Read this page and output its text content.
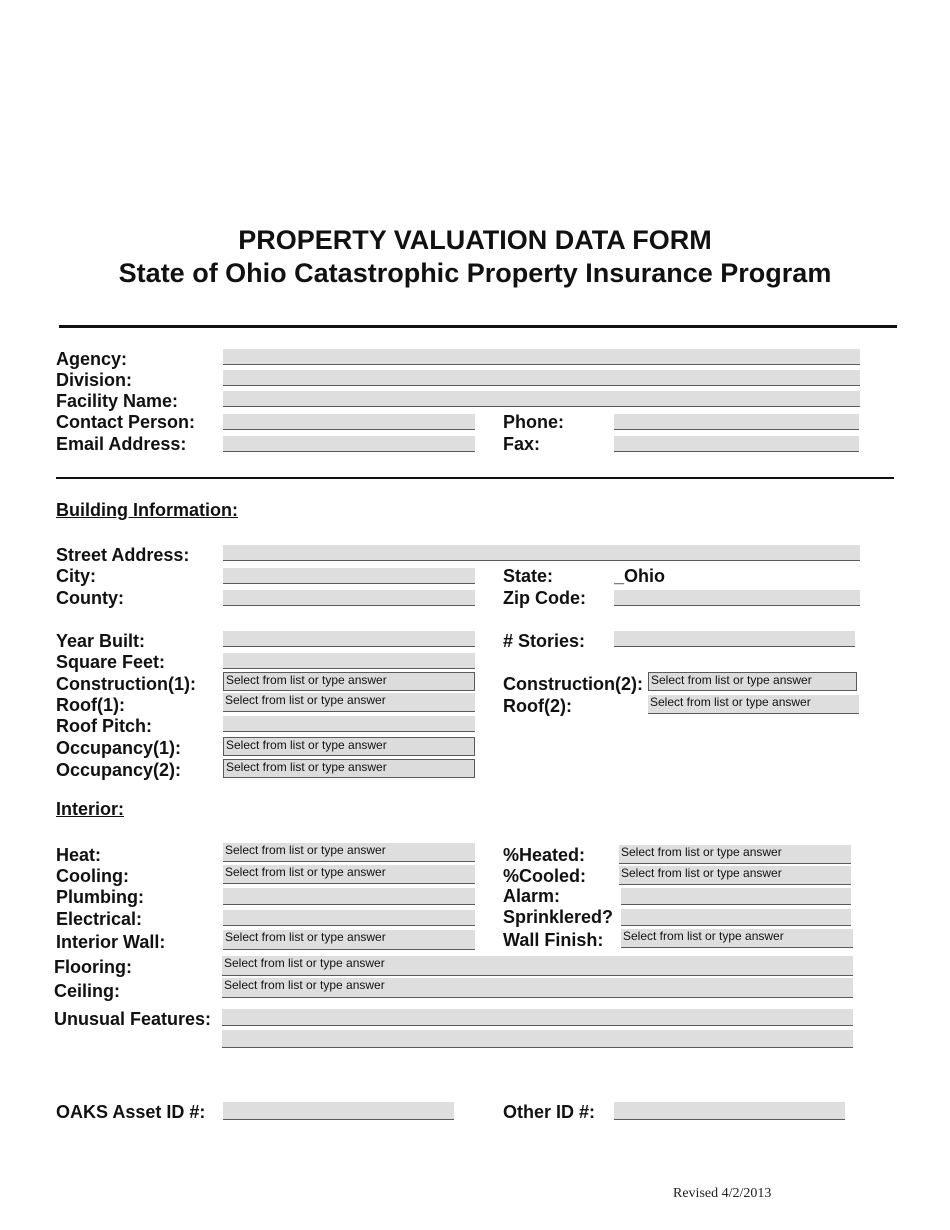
PROPERTY VALUATION DATA FORM
State of Ohio Catastrophic Property Insurance Program
Agency:
Division:
Facility Name:
Contact Person:
Email Address:
Phone:
Fax:
Building Information:
Street Address:
City:
County:
State:
Zip Code:
_Ohio
Year Built:
Square Feet:
Construction(1):
Roof(1):
Roof Pitch:
Occupancy(1):
Occupancy(2):
Select from list or type answer
Select from list or type answer
Select from list or type answer
Select from list or type answer
# Stories:
Construction(2):
Roof(2):
Select from list or type answer
Select from list or type answer
Interior:
Heat:
Cooling:
Plumbing:
Electrical:
Interior Wall:
Flooring:
Ceiling:
Unusual Features:
Select from list or type answer
Select from list or type answer
Select from list or type answer
Select from list or type answer
Select from list or type answer
%Heated:
%Cooled:
Alarm:
Sprinklered?
Wall Finish:
Select from list or type answer
Select from list or type answer
Select from list or type answer
OAKS Asset ID #:	Other ID #:
Revised 4/2/2013
